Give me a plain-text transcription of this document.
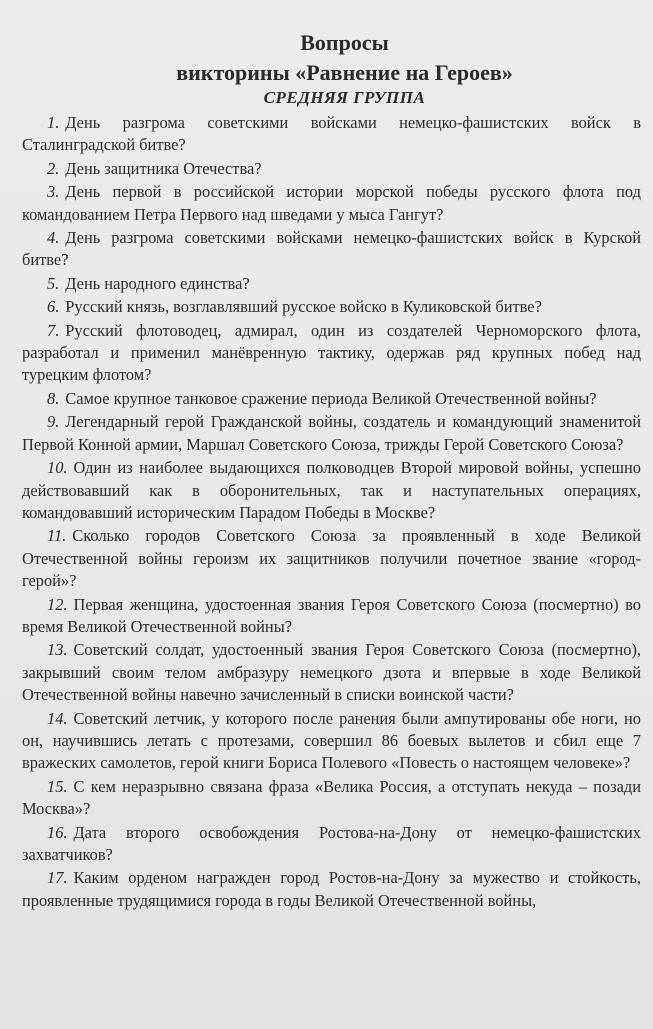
Вопросы
викторины «Равнение на Героев»
СРЕДНЯЯ ГРУППА

1. День разгрома советскими войсками немецко-фашистских войск в Сталинградской битве?

2. День защитника Отечества?

3. День первой в российской истории морской победы русского флота под командованием Петра Первого над шведами у мыса Гангут?

4. День разгрома советскими войсками немецко-фашистских войск в Курской битве?

5. День народного единства?

6. Русский князь, возглавлявший русское войско в Куликовской битве?

7. Русский флотоводец, адмирал, один из создателей Черноморского флота, разработал и применил манёвренную тактику, одержав ряд крупных побед над турецким флотом?

8. Самое крупное танковое сражение периода Великой Отечественной войны?

9. Легендарный герой Гражданской войны, создатель и командующий знаменитой Первой Конной армии, Маршал Советского Союза, трижды Герой Советского Союза?

10. Один из наиболее выдающихся полководцев Второй мировой войны, успешно действовавший как в оборонительных, так и наступательных операциях, командовавший историческим Парадом Победы в Москве?

11. Сколько городов Советского Союза за проявленный в ходе Великой Отечественной войны героизм их защитников получили почетное звание «город-герой»?

12. Первая женщина, удостоенная звания Героя Советского Союза (посмертно) во время Великой Отечественной войны?

13. Советский солдат, удостоенный звания Героя Советского Союза (посмертно), закрывший своим телом амбразуру немецкого дзота и впервые в ходе Великой Отечественной войны навечно зачисленный в списки воинской части?

14. Советский летчик, у которого после ранения были ампутированы обе ноги, но он, научившись летать с протезами, совершил 86 боевых вылетов и сбил еще 7 вражеских самолетов, герой книги Бориса Полевого «Повесть о настоящем человеке»?

15. С кем неразрывно связана фраза «Велика Россия, а отступать некуда – позади Москва»?

16. Дата второго освобождения Ростова-на-Дону от немецко-фашистских захватчиков?

17. Каким орденом награжден город Ростов-на-Дону за мужество и стойкость, проявленные трудящимися города в годы Великой Отечественной войны,
